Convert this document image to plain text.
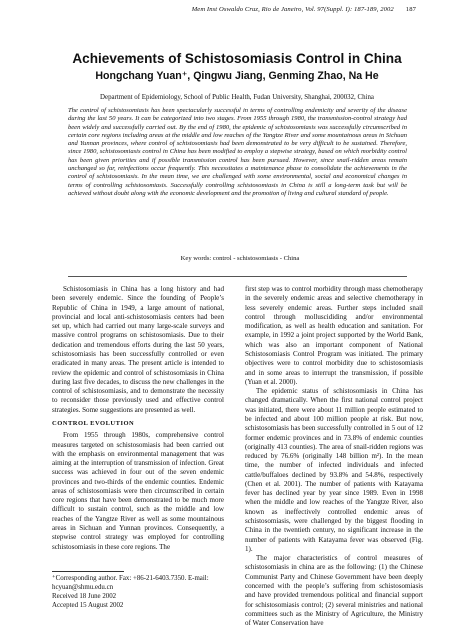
Mem Inst Oswaldo Cruz, Rio de Janeiro, Vol. 97(Suppl. I): 187-189, 2002 187
Achievements of Schistosomiasis Control in China
Hongchang Yuan⁺, Qingwu Jiang, Genming Zhao, Na He
Department of Epidemiology, School of Public Health, Fudan University, Shanghai, 200032, China

The control of schistosomiasis has been spectacularly successful in terms of controlling endemicity and severity of the disease during the last 50 years. It can be categorized into two stages. From 1955 through 1980, the transmission-control strategy had been widely and successfully carried out. By the end of 1980, the epidemic of schistosomiasis was successfully circumscribed in certain core regions including areas at the middle and low reaches of the Yangtze River and some mountainous areas in Sichuan and Yunnan provinces, where control of schistosomiasis had been demonstrated to be very difficult to be sustained. Therefore, since 1980, schistosomiasis control in China has been modified to employ a stepwise strategy, based on which morbidity control has been given priorities and if possible transmission control has been pursued. However, since snail-ridden areas remain unchanged so far, reinfections occur frequently. This necessitates a maintenance phase to consolidate the achievements in the control of schistosomiasis. In the mean time, we are challenged with some environmental, social and economical changes in terms of controlling schistosomiasis. Successfully controlling schistosomiasis in China is still a long-term task but will be achieved without doubt along with the economic development and the promotion of living and cultural standard of people.

Key words: control - schistosomiasis - China

Schistosomiasis in China has a long history and had been severely endemic. Since the founding of People’s Republic of China in 1949, a large amount of national, provincial and local anti-schistosomiasis centers had been set up, which had carried out many large-scale surveys and massive control programs on schistosomiasis. Due to their dedication and tremendous efforts during the last 50 years, schistosomiasis has been successfully controlled or even eradicated in many areas. The present article is intended to review the epidemic and control of schistosomiasis in China during last five decades, to discuss the new challenges in the control of schistosomiasis, and to demonstrate the necessity to reconsider those previously used and effective control strategies. Some suggestions are presented as well.

CONTROL EVOLUTION

From 1955 through 1980s, comprehensive control measures targeted on schistosomiasis had been carried out with the emphasis on environmental management that was aiming at the interruption of transmission of infection. Great success was achieved in four out of the seven endemic provinces and two-thirds of the endemic counties. Endemic areas of schistosomiasis were then circumscribed in certain core regions that have been demonstrated to be much more difficult to sustain control, such as the middle and low reaches of the Yangtze River as well as some mountainous areas in Sichuan and Yunnan provinces. Consequently, a stepwise control strategy was employed for controlling schistosomiasis in these core regions. The

first step was to control morbidity through mass chemotherapy in the severely endemic areas and selective chemotherapy in less severely endemic areas. Further steps included snail control through molluscididing and/or environmental modification, as well as health education and sanitation. For example, in 1992 a joint project supported by the World Bank, which was also an important component of National Schistosomiasis Control Program was initiated. The primary objectives were to control morbidity due to schistosomiasis and in some areas to interrupt the transmission, if possible (Yuan et al. 2000).

The epidemic status of schistosomiasis in China has changed dramatically. When the first national control project was initiated, there were about 11 million people estimated to be infected and about 100 million people at risk. But now, schistosomiasis has been successfully controlled in 5 out of 12 former endemic provinces and in 73.8% of endemic counties (originally 413 counties). The area of snail-ridden regions was reduced by 76.6% (originally 148 billion m²). In the mean time, the number of infected individuals and infected cattle/buffaloes declined by 93.8% and 54.8%, respectively (Chen et al. 2001). The number of patients with Katayama fever has declined year by year since 1989. Even in 1998 when the middle and low reaches of the Yangtze River, also known as ineffectively controlled endemic areas of schistosomiasis, were challenged by the biggest flooding in China in the twentieth century, no significant increase in the number of patients with Katayama fever was observed (Fig. 1).

The major characteristics of control measures of schistosomiasis in china are as the following: (1) the Chinese Communist Party and Chinese Government have been deeply concerned with the people’s suffering from schistosomiasis and have provided tremendous political and financial support for schistosomiasis control; (2) several ministries and national committees such as the Ministry of Agriculture, the Ministry of Water Conservation have

⁺Corresponding author. Fax: +86-21-6403.7350. E-mail:
hcyuan@shmu.edu.cn
Received 18 June 2002
Accepted 15 August 2002
